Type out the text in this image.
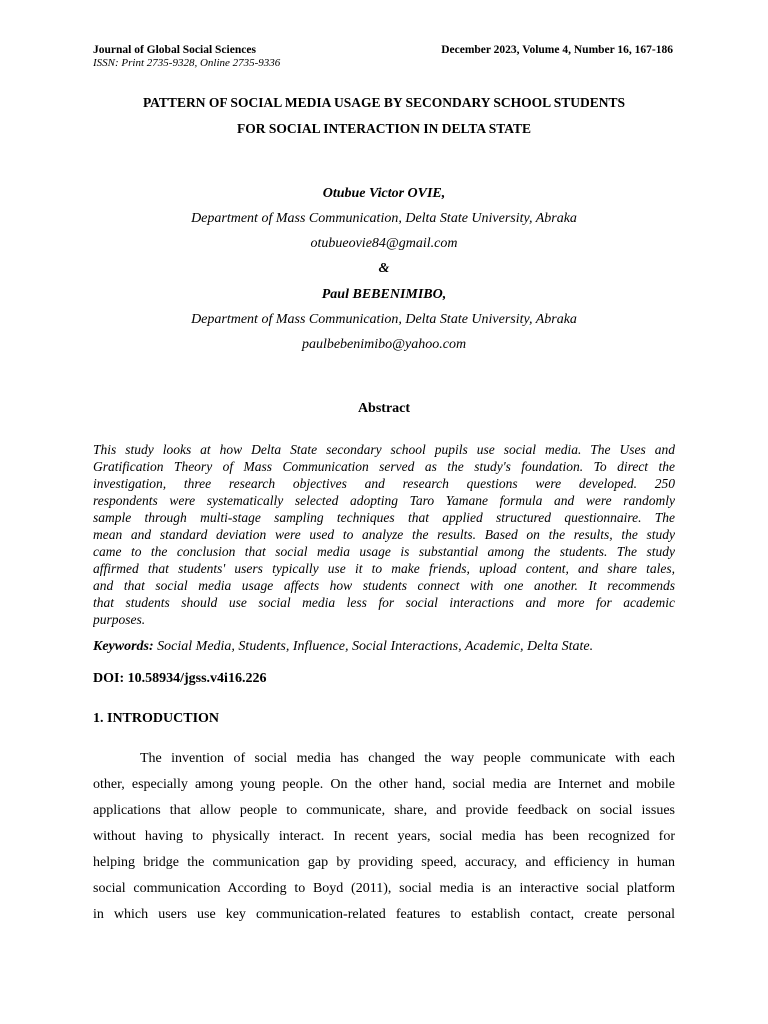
Journal of Global Social Sciences
ISSN: Print 2735-9328, Online 2735-9336
December 2023, Volume 4, Number 16, 167-186
PATTERN OF SOCIAL MEDIA USAGE BY SECONDARY SCHOOL STUDENTS
FOR SOCIAL INTERACTION IN DELTA STATE
Otubue Victor OVIE,
Department of Mass Communication, Delta State University, Abraka
otubueovie84@gmail.com
&
Paul BEBENIMIBO,
Department of Mass Communication, Delta State University, Abraka
paulbebenimibo@yahoo.com
Abstract
This study looks at how Delta State secondary school pupils use social media. The Uses and
Gratification Theory of Mass Communication served as the study's foundation. To direct the
investigation, three research objectives and research questions were developed. 250
respondents were systematically selected adopting Taro Yamane formula and were randomly
sample through multi-stage sampling techniques that applied structured questionnaire. The
mean and standard deviation were used to analyze the results. Based on the results, the study
came to the conclusion that social media usage is substantial among the students. The study
affirmed that students' users typically use it to make friends, upload content, and share tales,
and that social media usage affects how students connect with one another. It recommends
that students should use social media less for social interactions and more for academic
purposes.
Keywords: Social Media, Students, Influence, Social Interactions, Academic, Delta State.
DOI: 10.58934/jgss.v4i16.226
1. INTRODUCTION
The invention of social media has changed the way people communicate with each
other, especially among young people. On the other hand, social media are Internet and mobile
applications that allow people to communicate, share, and provide feedback on social issues
without having to physically interact. In recent years, social media has been recognized for
helping bridge the communication gap by providing speed, accuracy, and efficiency in human
social communication According to Boyd (2011), social media is an interactive social platform
in which users use key communication-related features to establish contact, create personal
